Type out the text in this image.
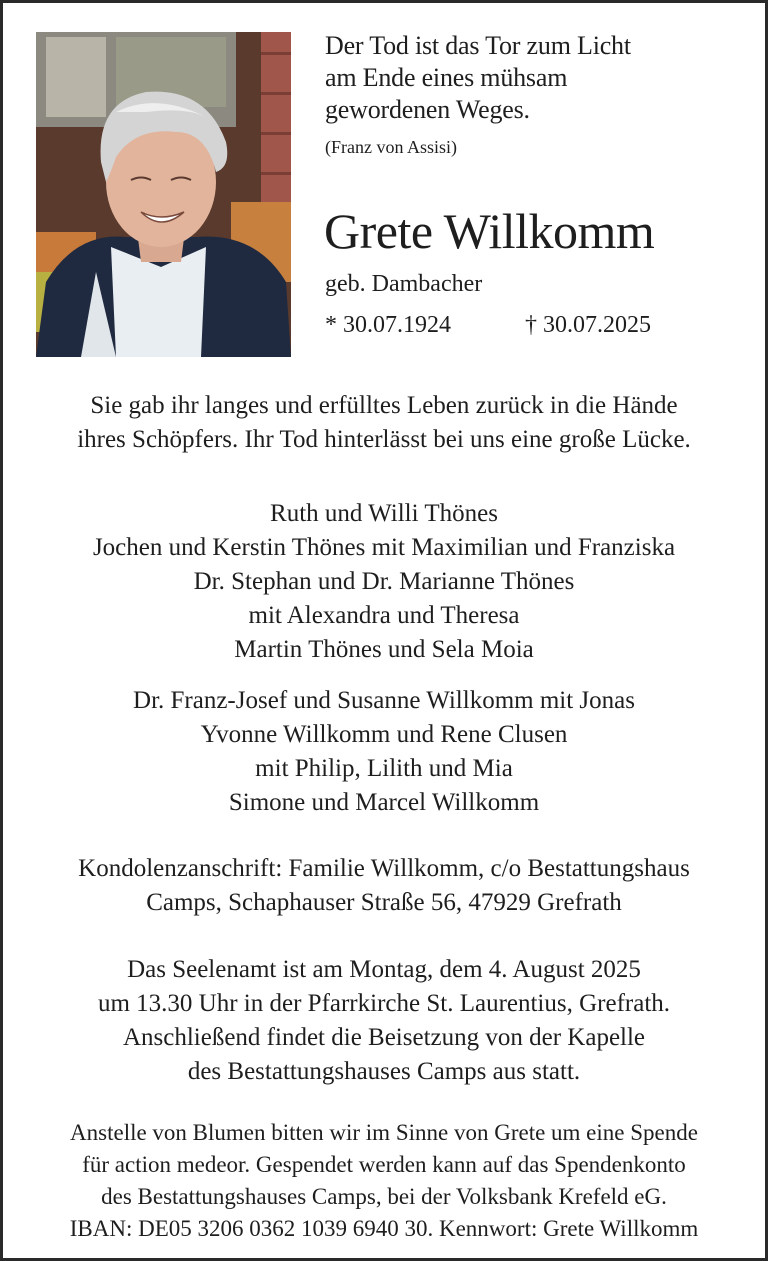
Der Tod ist das Tor zum Licht
am Ende eines mühsam
gewordenen Weges.
(Franz von Assisi)
Grete Willkomm
geb. Dambacher
* 30.07.1924	† 30.07.2025
Sie gab ihr langes und erfülltes Leben zurück in die Hände
ihres Schöpfers. Ihr Tod hinterlässt bei uns eine große Lücke.
Ruth und Willi Thönes
Jochen und Kerstin Thönes mit Maximilian und Franziska
Dr. Stephan und Dr. Marianne Thönes
mit Alexandra und Theresa
Martin Thönes und Sela Moia
Dr. Franz-Josef und Susanne Willkomm mit Jonas
Yvonne Willkomm und Rene Clusen
mit Philip, Lilith und Mia
Simone und Marcel Willkomm
Kondolenzanschrift: Familie Willkomm, c/o Bestattungshaus
Camps, Schaphauser Straße 56, 47929 Grefrath
Das Seelenamt ist am Montag, dem 4. August 2025
um 13.30 Uhr in der Pfarrkirche St. Laurentius, Grefrath.
Anschließend findet die Beisetzung von der Kapelle
des Bestattungshauses Camps aus statt.
Anstelle von Blumen bitten wir im Sinne von Grete um eine Spende
für action medeor. Gespendet werden kann auf das Spendenkonto
des Bestattungshauses Camps, bei der Volksbank Krefeld eG.
IBAN: DE05 3206 0362 1039 6940 30. Kennwort: Grete Willkomm
